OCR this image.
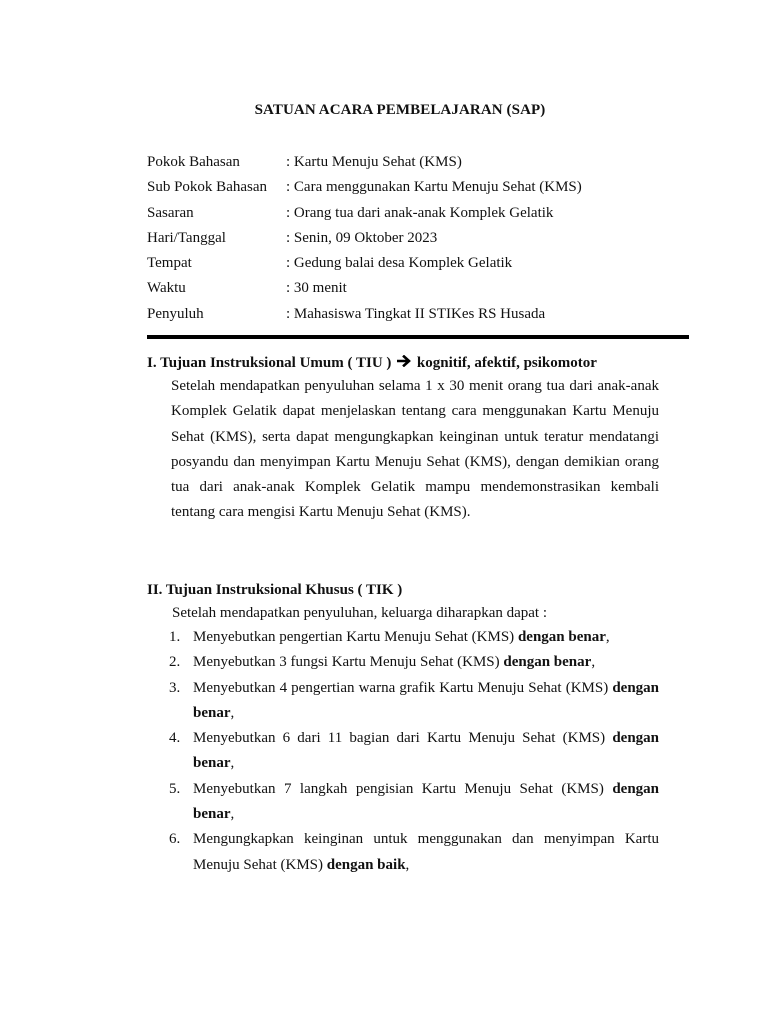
SATUAN ACARA PEMBELAJARAN (SAP)
Pokok Bahasan	: Kartu Menuju Sehat (KMS)
Sub Pokok Bahasan : Cara menggunakan Kartu Menuju Sehat (KMS)
Sasaran	: Orang tua dari anak-anak Komplek Gelatik
Hari/Tanggal	: Senin, 09 Oktober 2023
Tempat	: Gedung balai desa Komplek Gelatik
Waktu	: 30 menit
Penyuluh	: Mahasiswa Tingkat II STIKes RS Husada
I. Tujuan Instruksional Umum ( TIU ) kognitif, afektif, psikomotor
Setelah mendapatkan penyuluhan selama 1 x 30 menit orang tua dari anak-anak Komplek Gelatik dapat menjelaskan tentang cara menggunakan Kartu Menuju Sehat (KMS), serta dapat mengungkapkan keinginan untuk teratur mendatangi posyandu dan menyimpan Kartu Menuju Sehat (KMS), dengan demikian orang tua dari anak-anak Komplek Gelatik mampu mendemonstrasikan kembali tentang cara mengisi Kartu Menuju Sehat (KMS).
II. Tujuan Instruksional Khusus ( TIK )
Setelah mendapatkan penyuluhan, keluarga diharapkan dapat :
1. Menyebutkan pengertian Kartu Menuju Sehat (KMS) dengan benar,
2. Menyebutkan 3 fungsi Kartu Menuju Sehat (KMS) dengan benar,
3. Menyebutkan 4 pengertian warna grafik Kartu Menuju Sehat (KMS) dengan benar,
4. Menyebutkan 6 dari 11 bagian dari Kartu Menuju Sehat (KMS) dengan benar,
5. Menyebutkan 7 langkah pengisian Kartu Menuju Sehat (KMS) dengan benar,
6. Mengungkapkan keinginan untuk menggunakan dan menyimpan Kartu Menuju Sehat (KMS) dengan baik,
